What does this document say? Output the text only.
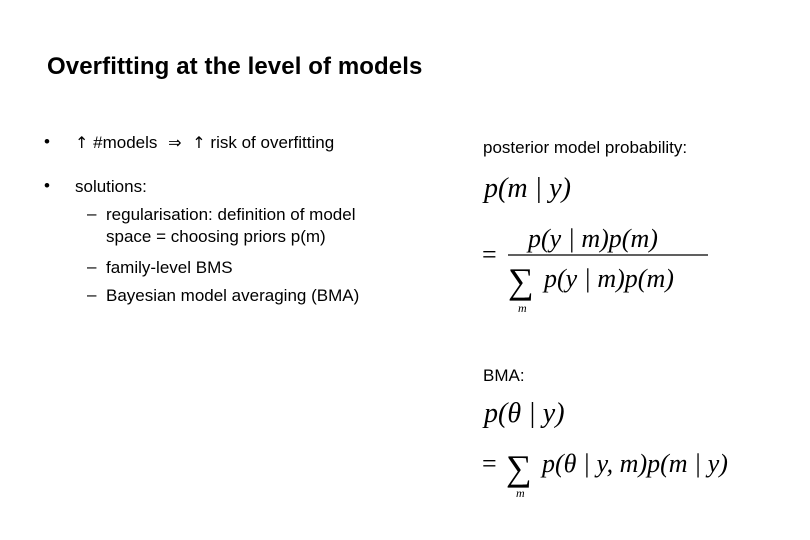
Overfitting at the level of models
• ↑ #models ⇒ ↑ risk of overfitting
• solutions:
– regularisation: definition of model
space = choosing priors p(m)
– family-level BMS
– Bayesian model averaging (BMA)
posterior model probability:
p(m | y)
=
p(y | m)p(m)
∑
m
p(y | m)p(m)
BMA:
p(θ | y)
= ∑
m
p(θ | y, m)p(m | y)
